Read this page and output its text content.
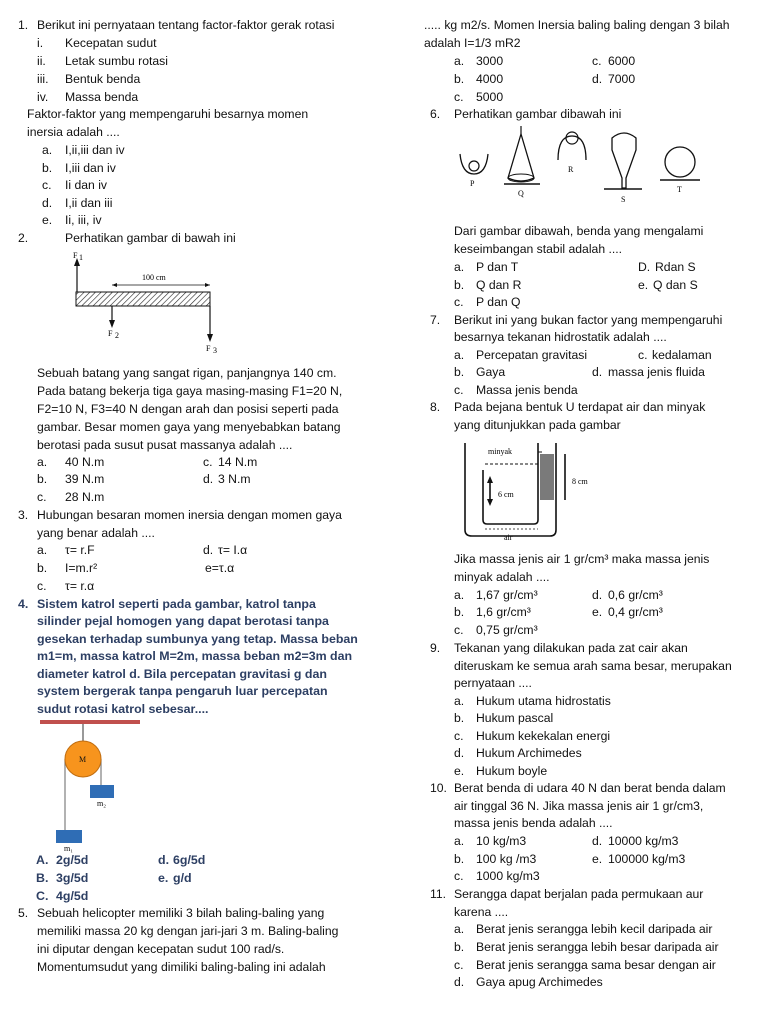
1. Berikut ini pernyataan tentang factor-faktor gerak rotasi
i. Kecepatan sudut
ii. Letak sumbu rotasi
iii. Bentuk benda
iv. Massa benda
Faktor-faktor yang mempengaruhi besarnya momen
inersia adalah ....
a. I,ii,iii dan iv
b. I,iii dan iv
c. Ii dan iv
d. I,ii dan iii
e. Ii, iii, iv
2.	Perhatikan gambar di bawah ini
F 1
100 cm
F 2
F 3
Sebuah batang yang sangat rigan, panjangnya 140 cm.
Pada batang bekerja tiga gaya masing-masing F1=20 N,
F2=10 N, F3=40 N dengan arah dan posisi seperti pada
gambar. Besar momen gaya yang menyebabkan batang
berotasi pada susut pusat massanya adalah ....
a. 40 N.m	c. 14 N.m
b. 39 N.m	d. 3 N.m
c. 28 N.m
3. Hubungan besaran momen inersia dengan momen gaya
yang benar adalah ....
a. τ= r.F	d. τ= I.α
b. I=m.r²	e=τ.α
c. τ= r.α
4. Sistem katrol seperti pada gambar, katrol tanpa
silinder pejal homogen yang dapat berotasi tanpa
gesekan terhadap sumbunya yang tetap. Massa beban
m1=m, massa katrol M=2m, massa beban m2=3m dan
diameter katrol d. Bila percepatan gravitasi g dan
system bergerak tanpa pengaruh luar percepatan
sudut rotasi katrol sebesar....
M
m₂
m₁
A. 2g/5d	d. 6g/5d
B. 3g/5d	e. g/d
C. 4g/5d
5. Sebuah helicopter memiliki 3 bilah baling-baling yang
memiliki massa 20 kg dengan jari-jari 3 m. Baling-baling
ini diputar dengan kecepatan sudut 100 rad/s.
Momentumsudut yang dimiliki baling-baling ini adalah
..... kg m2/s. Momen Inersia baling baling dengan 3 bilah
adalah I=1/3 mR2
a. 3000	c. 6000
b. 4000	d. 7000
c. 5000
6. Perhatikan gambar dibawah ini
P
Q
R
S
T
Dari gambar dibawah, benda yang mengalami
keseimbangan stabil adalah ....
a. P dan T	D. Rdan S
b. Q dan R	e. Q dan S
c. P dan Q
7. Berikut ini yang bukan factor yang mempengaruhi
besarnya tekanan hidrostatik adalah ....
a. Percepatan gravitasi	c. kedalaman
b. Gaya	d. massa jenis fluida
c. Massa jenis benda
8. Pada bejana bentuk U terdapat air dan minyak
yang ditunjukkan pada gambar
minyak
6 cm
8 cm
air
Jika massa jenis air 1 gr/cm³ maka massa jenis
minyak adalah ....
a. 1,67 gr/cm³	d. 0,6 gr/cm³
b. 1,6 gr/cm³	e. 0,4 gr/cm³
c. 0,75 gr/cm³
9. Tekanan yang dilakukan pada zat cair akan
diteruskam ke semua arah sama besar, merupakan
pernyataan ....
a. Hukum utama hidrostatis
b. Hukum pascal
c. Hukum kekekalan energi
d. Hukum Archimedes
e. Hukum boyle
10. Berat benda di udara 40 N dan berat benda dalam
air tinggal 36 N. Jika massa jenis air 1 gr/cm3,
massa jenis benda adalah ....
a. 10 kg/m3	d. 10000 kg/m3
b. 100 kg /m3	e. 100000 kg/m3
c. 1000 kg/m3
11. Serangga dapat berjalan pada permukaan aur
karena ....
a. Berat jenis serangga lebih kecil daripada air
b. Berat jenis serangga lebih besar daripada air
c. Berat jenis serangga sama besar dengan air
d. Gaya apug Archimedes
